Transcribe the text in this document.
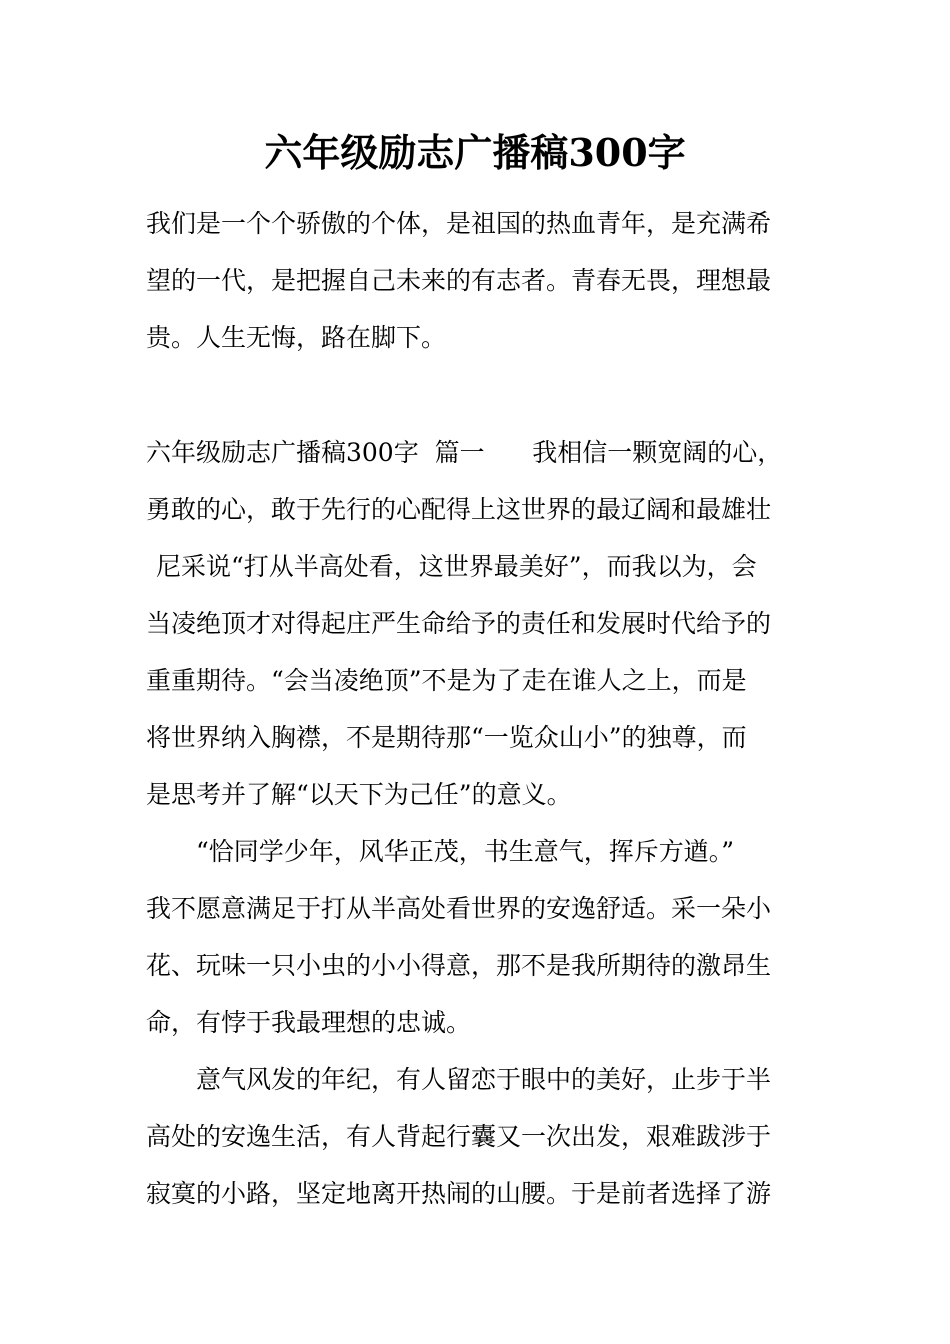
六年级励志广播稿300字

我们是一个个骄傲的个体，是祖国的热血青年，是充满希

望的一代，是把握自己未来的有志者。青春无畏，理想最

贵。人生无悔，路在脚下。

六年级励志广播稿300字  篇一      我相信一颗宽阔的心，

勇敢的心，敢于先行的心配得上这世界的最辽阔和最雄壮

尼采说“打从半高处看，这世界最美好”，而我以为，会

当凌绝顶才对得起庄严生命给予的责任和发展时代给予的

重重期待。“会当凌绝顶”不是为了走在谁人之上，而是

将世界纳入胸襟，不是期待那“一览众山小”的独尊，而

是思考并了解“以天下为己任”的意义。

“恰同学少年，风华正茂，书生意气，挥斥方遒。”

我不愿意满足于打从半高处看世界的安逸舒适。采一朵小

花、玩味一只小虫的小小得意，那不是我所期待的激昂生

命，有悖于我最理想的忠诚。

意气风发的年纪，有人留恋于眼中的美好，止步于半

高处的安逸生活，有人背起行囊又一次出发，艰难跋涉于

寂寞的小路，坚定地离开热闹的山腰。于是前者选择了游
